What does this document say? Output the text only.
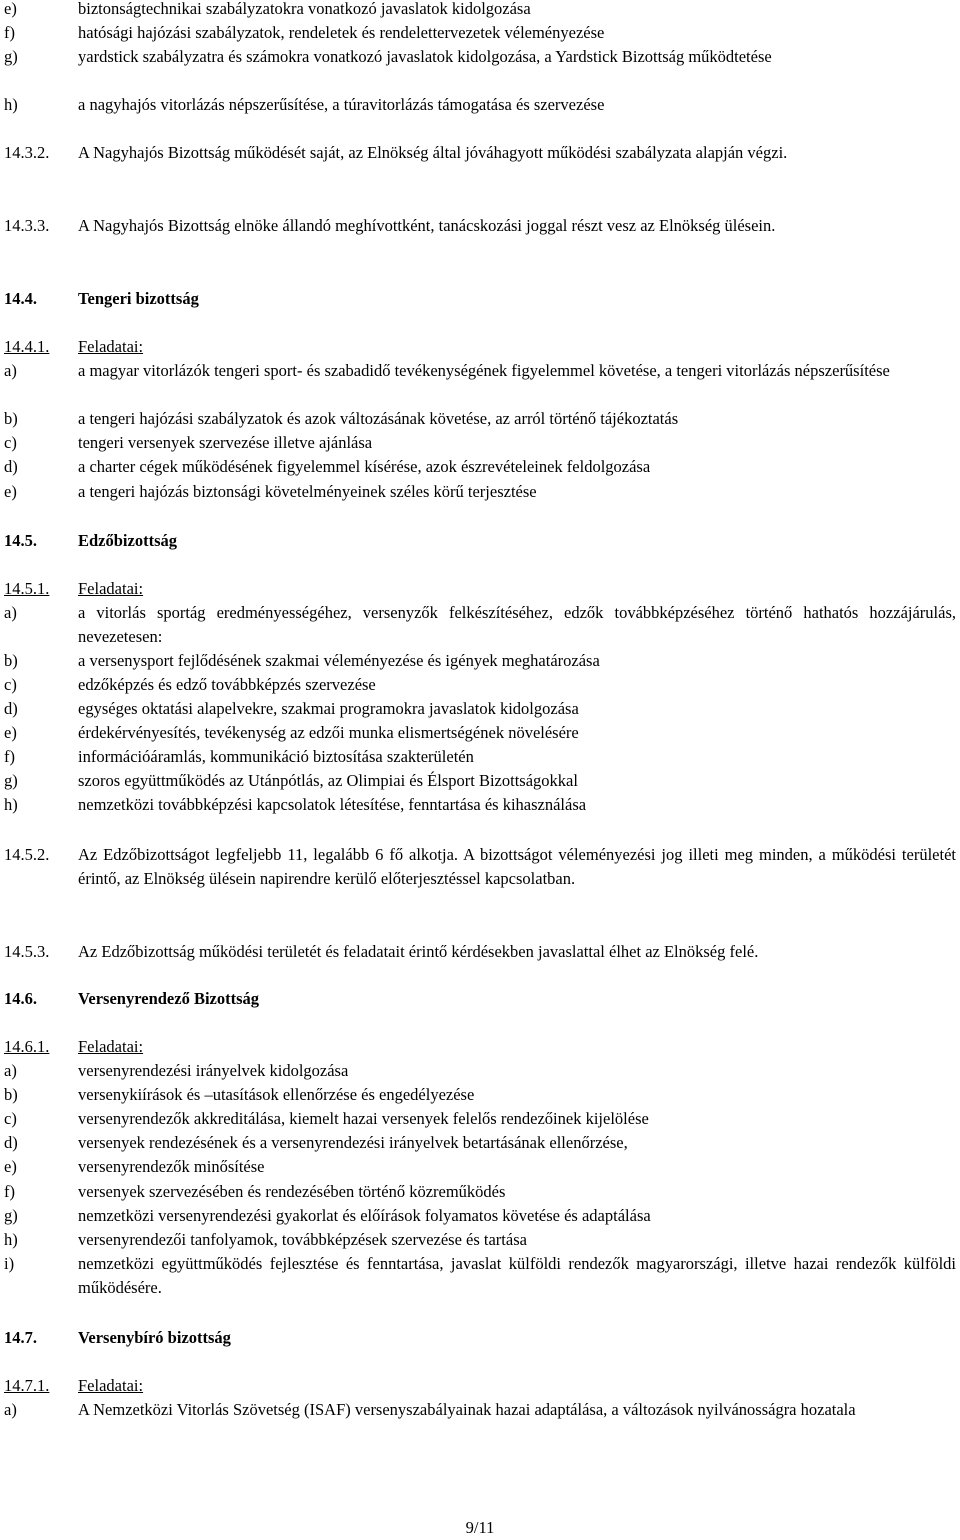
e)	biztonságtechnikai szabályzatokra vonatkozó javaslatok kidolgozása
f)	hatósági hajózási szabályzatok, rendeletek és rendelettervezetek véleményezése
g)	yardstick szabályzatra és számokra vonatkozó javaslatok kidolgozása, a Yardstick Bizottság működtetése
h)	a nagyhajós vitorlázás népszerűsítése, a túravitorlázás támogatása és szervezése
14.3.2.	A Nagyhajós Bizottság működését saját, az Elnökség által jóváhagyott működési szabályzata alapján végzi.
14.3.3.	A Nagyhajós Bizottság elnöke állandó meghívottként, tanácskozási joggal részt vesz az Elnökség ülésein.
14.4.	Tengeri bizottság
14.4.1.	Feladatai:
a)	a magyar vitorlázók tengeri sport- és szabadidő tevékenységének figyelemmel követése, a tengeri vitorlázás népszerűsítése
b)	a tengeri hajózási szabályzatok és azok változásának követése, az arról történő tájékoztatás
c)	tengeri versenyek szervezése illetve ajánlása
d)	a charter cégek működésének figyelemmel kísérése, azok észrevételeinek feldolgozása
e)	a tengeri hajózás biztonsági követelményeinek széles körű terjesztése
14.5.	Edzőbizottság
14.5.1.	Feladatai:
a)	a vitorlás sportág eredményességéhez, versenyzők felkészítéséhez, edzők továbbképzéséhez történő hathatós hozzájárulás, nevezetesen:
b)	a versenysport fejlődésének szakmai véleményezése és igények meghatározása
c)	edzőképzés és edző továbbképzés szervezése
d)	egységes oktatási alapelvekre, szakmai programokra javaslatok kidolgozása
e)	érdekérvényesítés, tevékenység az edzői munka elismertségének növelésére
f)	információáramlás, kommunikáció biztosítása szakterületén
g)	szoros együttműködés az Utánpótlás, az Olimpiai és Élsport Bizottságokkal
h)	nemzetközi továbbképzési kapcsolatok létesítése, fenntartása és kihasználása
14.5.2.	Az Edzőbizottságot legfeljebb 11, legalább 6 fő alkotja. A bizottságot véleményezési jog illeti meg minden, a működési területét érintő, az Elnökség ülésein napirendre kerülő előterjesztéssel kapcsolatban.
14.5.3.	Az Edzőbizottság működési területét és feladatait érintő kérdésekben javaslattal élhet az Elnökség felé.
14.6.	Versenyrendező Bizottság
14.6.1.	Feladatai:
a)	versenyrendezési irányelvek kidolgozása
b)	versenykiírások és –utasítások ellenőrzése és engedélyezése
c)	versenyrendezők akkreditálása, kiemelt hazai versenyek felelős rendezőinek kijelölése
d)	versenyek rendezésének és a versenyrendezési irányelvek betartásának ellenőrzése,
e)	versenyrendezők minősítése
f)	versenyek szervezésében és rendezésében történő közreműködés
g)	nemzetközi versenyrendezési gyakorlat és előírások folyamatos követése és adaptálása
h)	versenyrendezői tanfolyamok, továbbképzések szervezése és tartása
i)	nemzetközi együttműködés fejlesztése és fenntartása, javaslat külföldi rendezők magyarországi, illetve hazai rendezők külföldi működésére.
14.7.	Versenybíró bizottság
14.7.1.	Feladatai:
a)	A Nemzetközi Vitorlás Szövetség (ISAF) versenyszabályainak hazai adaptálása, a változások nyilvánosságra hozatala
9/11
